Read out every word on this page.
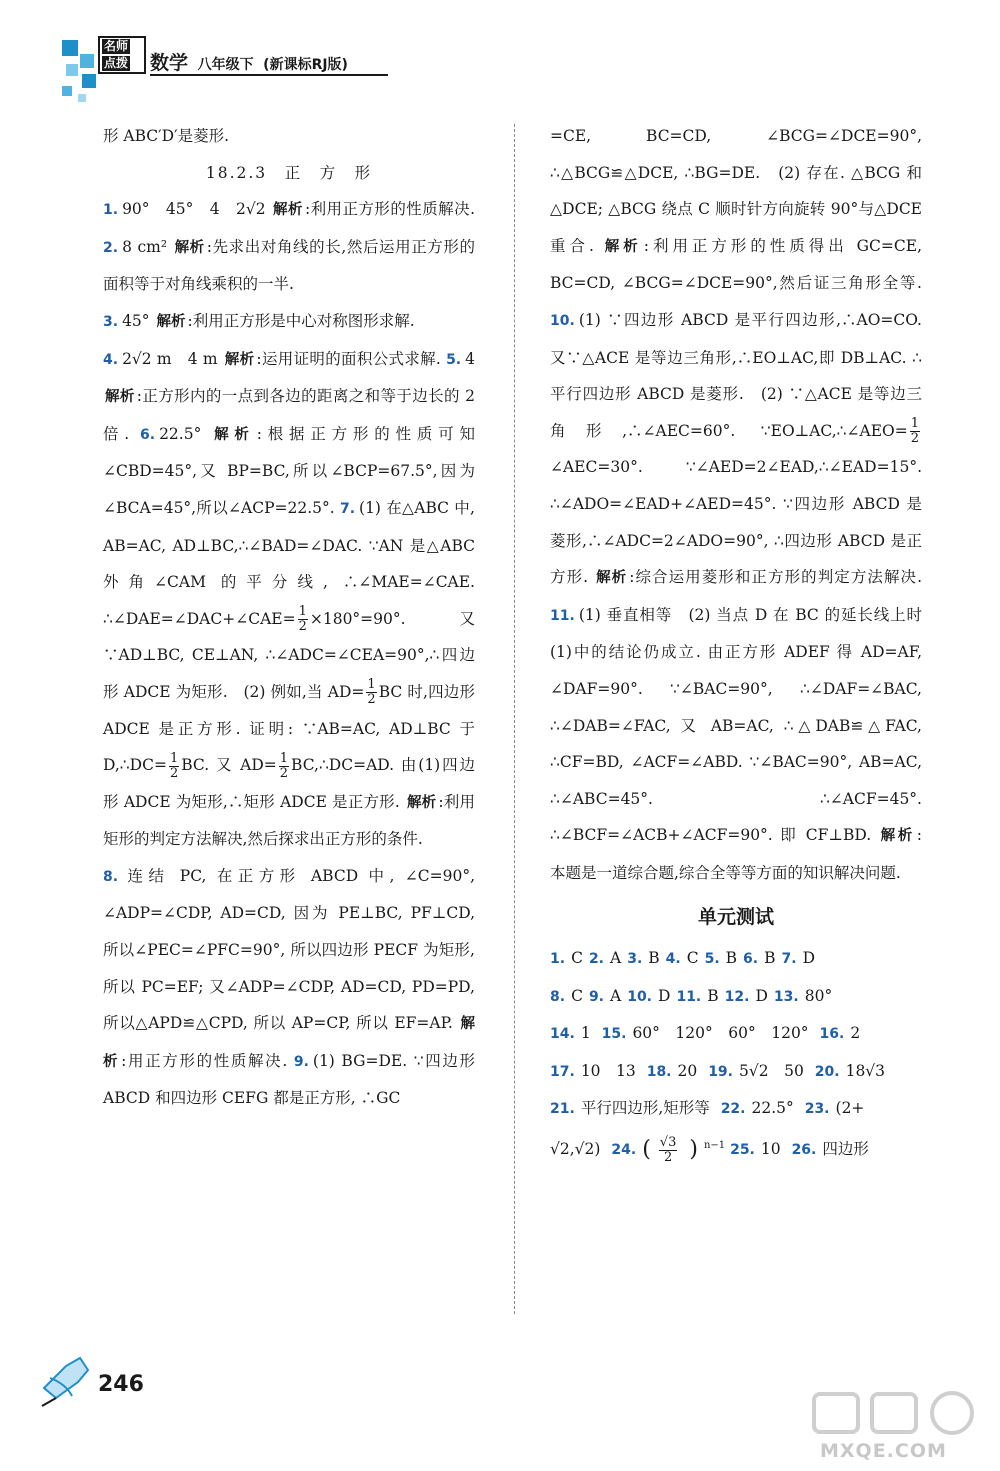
名师
点拨 数学 八年级下 (新课标RJ版)
形 ABC′D′是菱形.
18.2.3　正　方　形
1. 90°　45°　4　2√2 解析 :利用正方形的性质解决. 2. 8 cm² 解析 :先求出对角线的长,然后运用正方形的面积等于对角线乘积的一半.
3. 45° 解析 :利用正方形是中心对称图形求解.
4. 2√2 m　4 m 解析 :运用证明的面积公式求解. 5. 4 解析 :正方形内的一点到各边的距离之和等于边长的 2 倍. 6. 22.5° 解析 :根据正方形的性质可知∠CBD=45°,又 BP=BC,所以∠BCP=67.5°,因为∠BCA=45°,所以∠ACP=22.5°. 7. (1) 在△ABC 中, AB=AC, AD⊥BC,∴∠BAD=∠DAC. ∵AN 是△ABC 外角∠CAM 的平分线, ∴∠MAE=∠CAE. ∴∠DAE=∠DAC+∠CAE= $\frac{1}{2} \times 180^\circ=90^\circ$. 又∵AD⊥BC, CE⊥AN, ∴∠ADC=∠CEA=90°,∴四边形 ADCE 为矩形.　(2) 例如,当 $AD= \frac{1}{2}$ BC 时,四边形 ADCE 是正方形. 证明: ∵AB=AC, AD⊥BC 于 D,∴DC= $\frac{1}{2}$ BC. 又 $AD= \frac{1}{2}$ BC,∴DC=AD. 由(1)四边形 ADCE 为矩形,∴矩形 ADCE 是正方形. 解析 :利用矩形的判定方法解决,然后探求出正方形的条件.
8. 连结 PC, 在正方形 ABCD 中, ∠C=90°, ∠ADP=∠CDP, AD=CD, 因为 PE⊥BC, PF⊥CD, 所以∠PEC=∠PFC=90°, 所以四边形 PECF 为矩形, 所以 PC=EF; 又∠ADP=∠CDP, AD=CD, PD=PD, 所以△APD≌△CPD, 所以 AP=CP, 所以 EF=AP. 解析 :用正方形的性质解决. 9. (1) BG=DE. ∵四边形 ABCD 和四边形 CEFG 都是正方形, ∴GC
=CE, BC=CD, ∠BCG=∠DCE=90°, ∴△BCG≌△DCE, ∴BG=DE.　(2) 存在. △BCG 和△DCE; △BCG 绕点 C 顺时针方向旋转 90°与△DCE 重合. 解析 :利用正方形的性质得出 GC=CE, BC=CD, ∠BCG=∠DCE=90°,然后证三角形全等. 10. (1) ∵四边形 ABCD 是平行四边形,∴AO=CO. 又∵△ACE 是等边三角形,∴EO⊥AC,即 DB⊥AC. ∴平行四边形 ABCD 是菱形.　(2) ∵△ACE 是等边三角形,∴∠AEC=60°. ∵EO⊥AC,∴∠AEO= $\frac{1}{2}$
∠AEC=30°. ∵∠AED=2∠EAD,∴∠EAD=15°. ∴∠ADO=∠EAD+∠AED=45°. ∵四边形 ABCD 是菱形,∴∠ADC=2∠ADO=90°, ∴四边形 ABCD 是正方形. 解析 :综合运用菱形和正方形的判定方法解决. 11. (1) 垂直相等　(2) 当点 D 在 BC 的延长线上时(1)中的结论仍成立. 由正方形 ADEF 得 AD=AF, ∠DAF=90°. ∵∠BAC=90°, ∴∠DAF=∠BAC, ∴∠DAB=∠FAC, 又 AB=AC, ∴△DAB≌△FAC, ∴CF=BD, ∠ACF=∠ABD. ∵∠BAC=90°, AB=AC, ∴∠ABC=45°. ∴∠ACF=45°. ∴∠BCF=∠ACB+∠ACF=90°. 即 CF⊥BD. 解析 :本题是一道综合题,综合全等等方面的知识解决问题.
单元测试
1. C 2. A 3. B 4. C 5. B 6. B 7. D
8. C 9. A 10. D 11. B 12. D 13. 80°
14. 1 15. 60°　120°　60°　120° 16. 2
17. 10　13 18. 20 19. 5√2　50 20. 18√3
21. 平行四边形,矩形等 22. 22.5° 23. (2+
√2,√2) 24. ( $\frac{√3}{2}$ ) $^{n-1}$ 25. 10 26. 四边形
246
MXQE.COM
